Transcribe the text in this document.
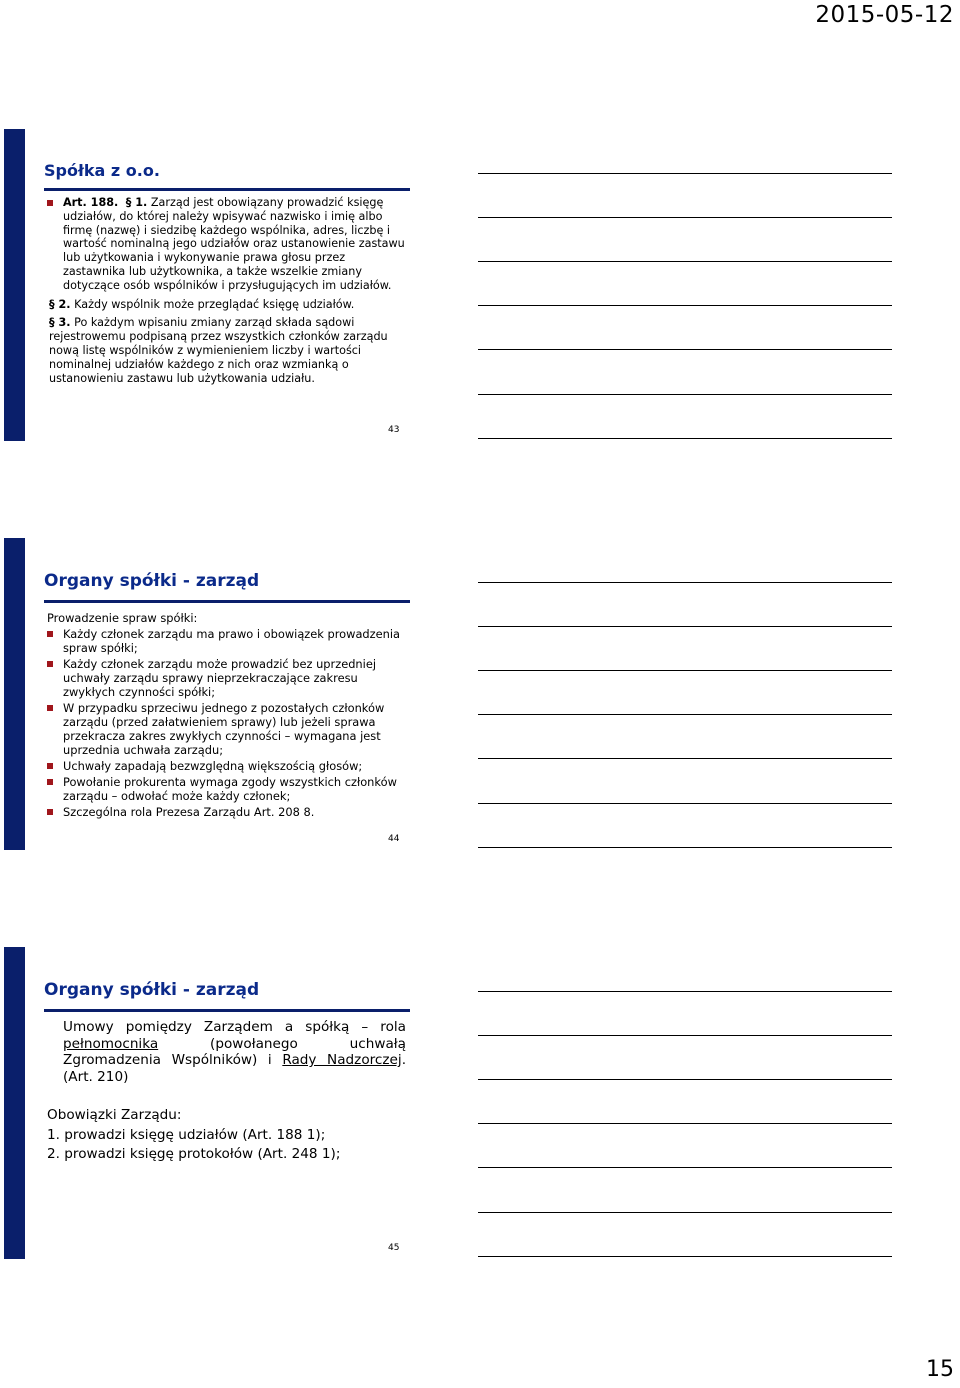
2015-05-12
Spółka z o.o.

Art. 188.  § 1. Zarząd jest obowiązany prowadzić księgę udziałów, do której należy wpisywać nazwisko i imię albo firmę (nazwę) i siedzibę każdego wspólnika, adres, liczbę i wartość nominalną jego udziałów oraz ustanowienie zastawu lub użytkowania i wykonywanie prawa głosu przez zastawnika lub użytkownika, a także wszelkie zmiany dotyczące osób wspólników i przysługujących im udziałów.

§ 2. Każdy wspólnik może przeglądać księgę udziałów.

§ 3. Po każdym wpisaniu zmiany zarząd składa sądowi rejestrowemu podpisaną przez wszystkich członków zarządu nową listę wspólników z wymienieniem liczby i wartości nominalnej udziałów każdego z nich oraz wzmianką o ustanowieniu zastawu lub użytkowania udziału.

43
Organy spółki - zarząd

Prowadzenie spraw spółki:

Każdy członek zarządu ma prawo i obowiązek prowadzenia spraw spółki;

Każdy członek zarządu może prowadzić bez uprzedniej uchwały zarządu sprawy nieprzekraczające zakresu zwykłych czynności spółki;

W przypadku sprzeciwu jednego z pozostałych członków zarządu (przed załatwieniem sprawy) lub jeżeli sprawa przekracza zakres zwykłych czynności – wymagana jest uprzednia uchwała zarządu;

Uchwały zapadają bezwzględną większością głosów;

Powołanie prokurenta wymaga zgody wszystkich członków zarządu – odwołać może każdy członek;

Szczególna rola Prezesa Zarządu Art. 208 8.

44
Organy spółki - zarząd
Umowy pomiędzy Zarządem a spółką – rola pełnomocnika	(powołanego uchwałą Zgromadzenia Wspólników) i Rady Nadzorczej. (Art. 210)
Obowiązki Zarządu:
1. prowadzi księgę udziałów (Art. 188 1);
2. prowadzi księgę protokołów (Art. 248 1);
45
15
